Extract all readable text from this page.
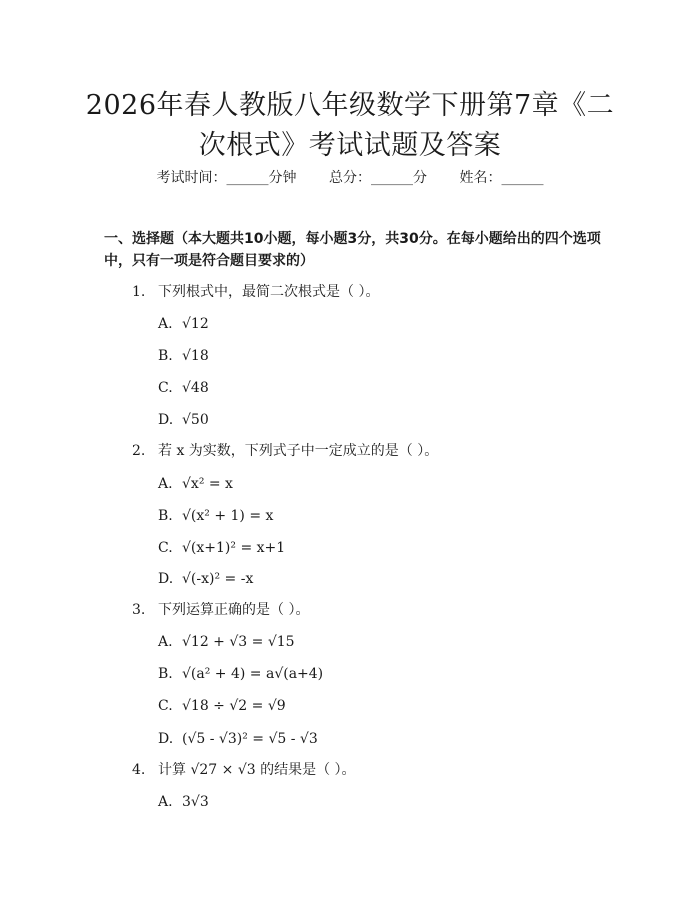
2026年春人教版八年级数学下册第7章《二次根式》考试试题及答案
考试时间：______分钟 总分：______分 姓名：______
一、选择题（本大题共10小题，每小题3分，共30分。在每小题给出的四个选项中，只有一项是符合题目要求的）
1. 下列根式中，最简二次根式是（ ）。
A. √12
B. √18
C. √48
D. √50
2. 若 x 为实数，下列式子中一定成立的是（ ）。
A. √x² = x
B. √(x² + 1) = x
C. √(x+1)² = x+1
D. √(-x)² = -x
3. 下列运算正确的是（ ）。
A. √12 + √3 = √15
B. √(a² + 4) = a√(a+4)
C. √18 ÷ √2 = √9
D. (√5 - √3)² = √5 - √3
4. 计算 √27 × √3 的结果是（ ）。
A. 3√3
